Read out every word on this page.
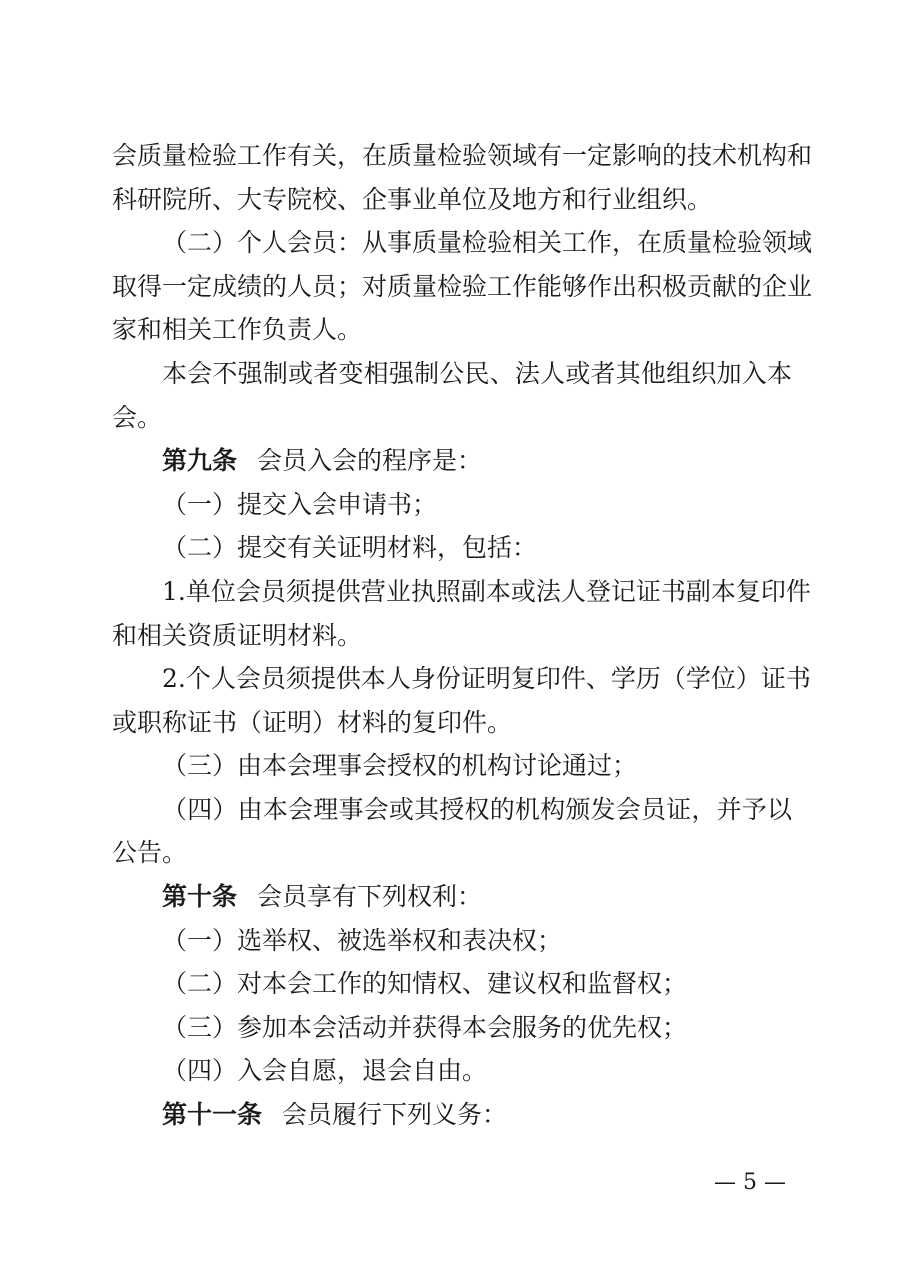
会质量检验工作有关，在质量检验领域有一定影响的技术机构和
科研院所、大专院校、企事业单位及地方和行业组织。
（二）个人会员：从事质量检验相关工作，在质量检验领域
取得一定成绩的人员；对质量检验工作能够作出积极贡献的企业
家和相关工作负责人。
本会不强制或者变相强制公民、法人或者其他组织加入本
会。
第九条 会员入会的程序是：
（一）提交入会申请书；
（二）提交有关证明材料，包括：
1.单位会员须提供营业执照副本或法人登记证书副本复印件
和相关资质证明材料。
2.个人会员须提供本人身份证明复印件、学历（学位）证书
或职称证书（证明）材料的复印件。
（三）由本会理事会授权的机构讨论通过；
（四）由本会理事会或其授权的机构颁发会员证，并予以
公告。
第十条 会员享有下列权利：
（一）选举权、被选举权和表决权；
（二）对本会工作的知情权、建议权和监督权；
（三）参加本会活动并获得本会服务的优先权；
（四）入会自愿，退会自由。
第十一条 会员履行下列义务：
— 5 —
